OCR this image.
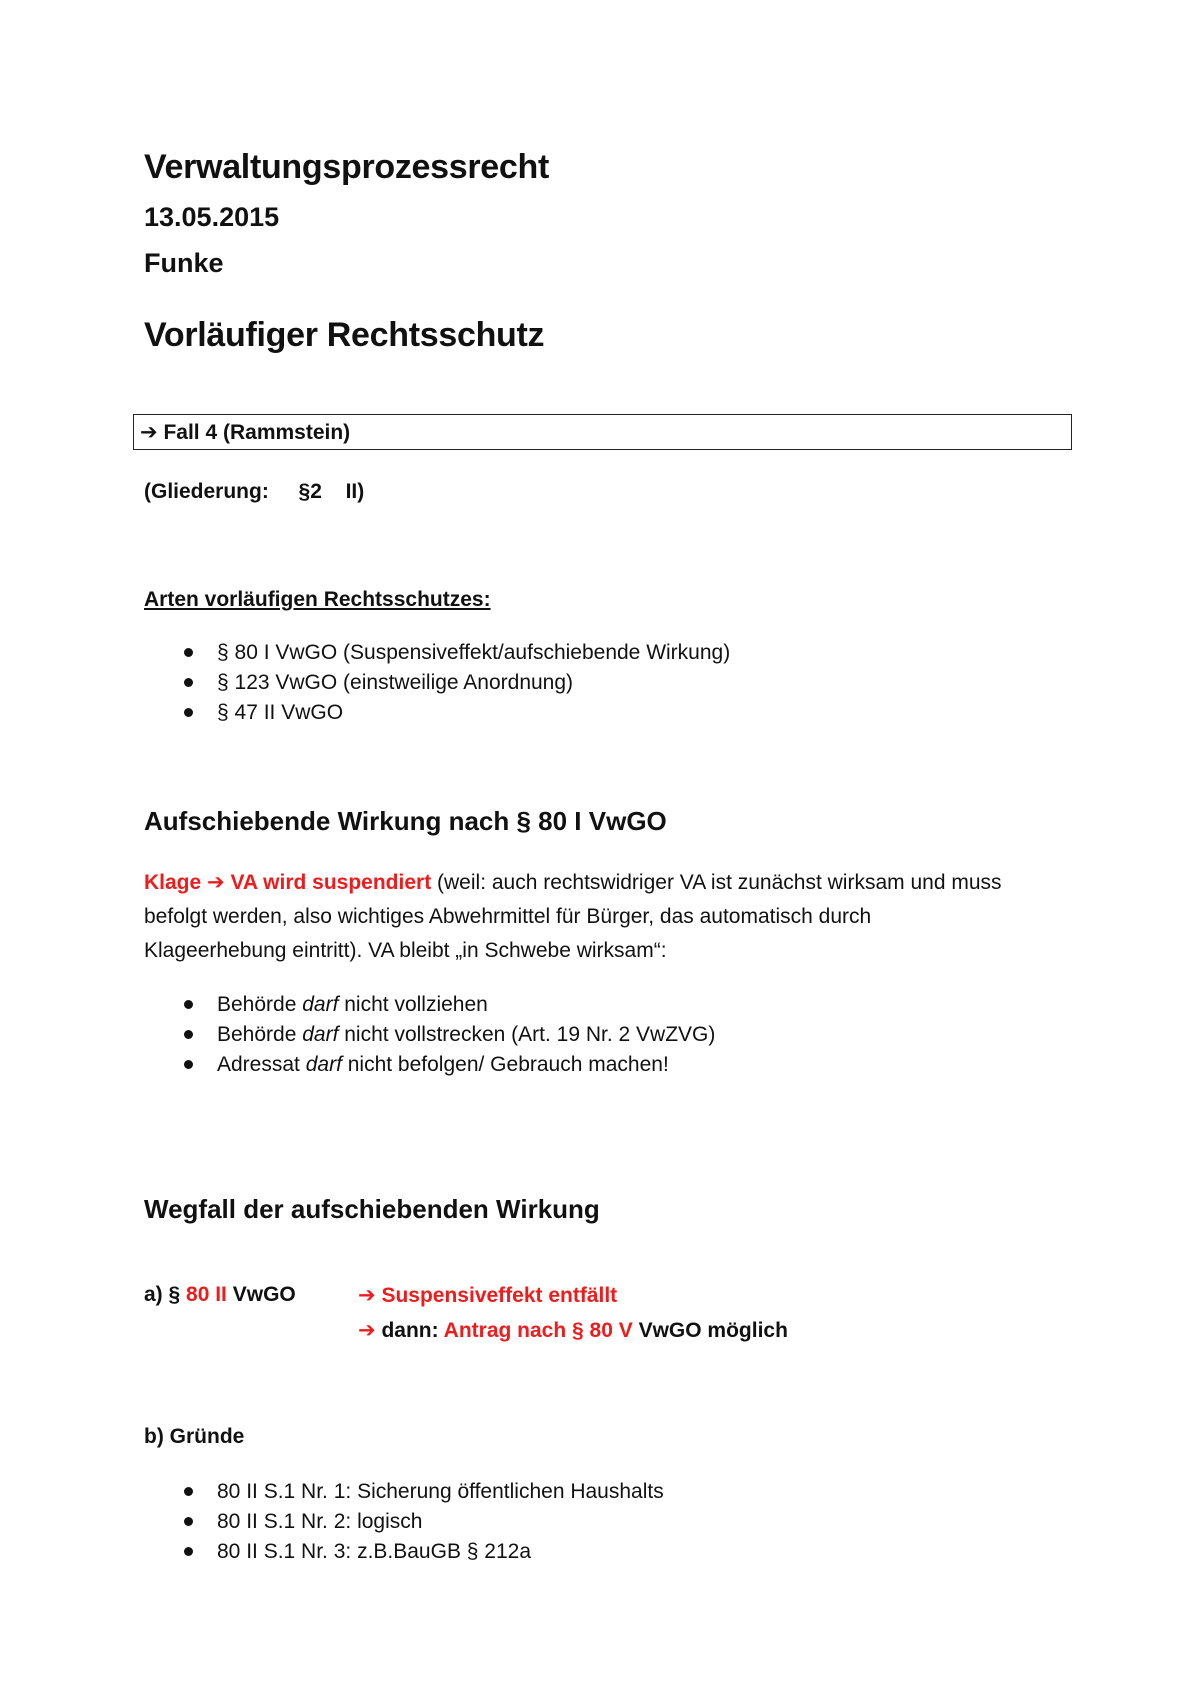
Verwaltungsprozessrecht
13.05.2015
Funke
Vorläufiger Rechtsschutz
➔ Fall 4 (Rammstein)
(Gliederung: §2 II)
Arten vorläufigen Rechtsschutzes:
§ 80 I VwGO (Suspensiveffekt/aufschiebende Wirkung)
§ 123 VwGO (einstweilige Anordnung)
§ 47 II VwGO
Aufschiebende Wirkung nach § 80 I VwGO
Klage ➔ VA wird suspendiert (weil: auch rechtswidriger VA ist zunächst wirksam und muss
befolgt werden, also wichtiges Abwehrmittel für Bürger, das automatisch durch
Klageerhebung eintritt). VA bleibt „in Schwebe wirksam“:
Behörde darf nicht vollziehen
Behörde darf nicht vollstrecken (Art. 19 Nr. 2 VwZVG)
Adressat darf nicht befolgen/ Gebrauch machen!
Wegfall der aufschiebenden Wirkung
a) § 80 II VwGO	➔ Suspensiveffekt entfällt
➔ dann: Antrag nach § 80 V VwGO möglich
b) Gründe
80 II S.1 Nr. 1: Sicherung öffentlichen Haushalts
80 II S.1 Nr. 2: logisch
80 II S.1 Nr. 3: z.B.BauGB § 212a
